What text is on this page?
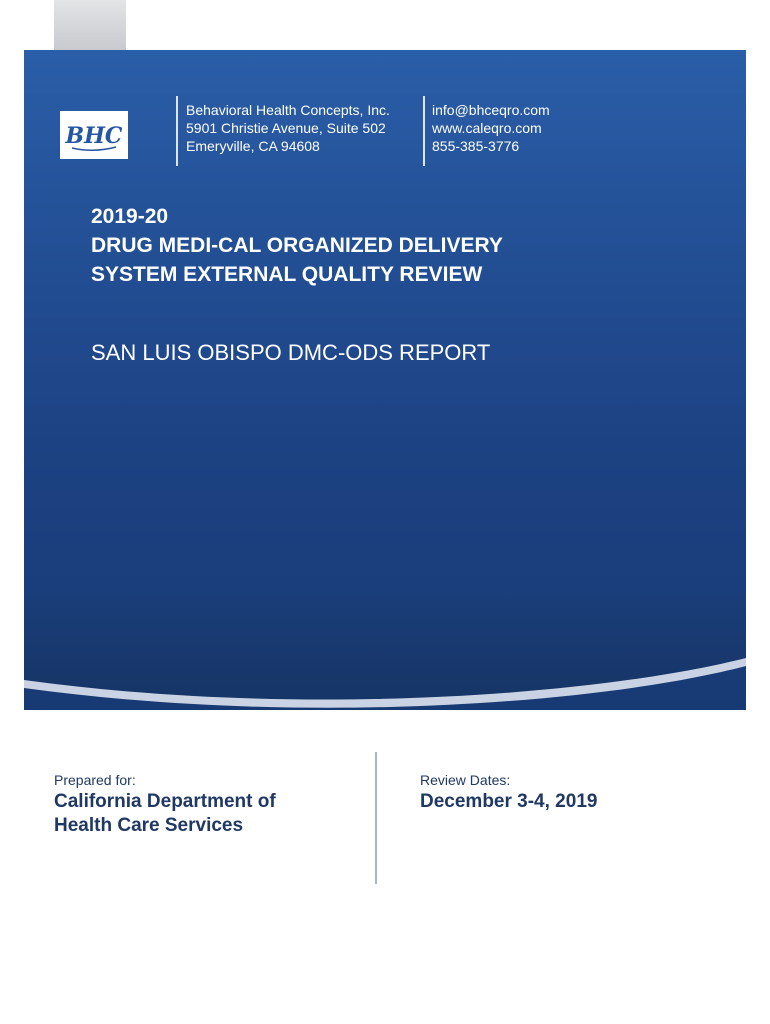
BHC
Behavioral Health Concepts, Inc.
5901 Christie Avenue, Suite 502
Emeryville, CA 94608
info@bhceqro.com
www.caleqro.com
855-385-3776
2019-20
DRUG MEDI-CAL ORGANIZED DELIVERY
SYSTEM EXTERNAL QUALITY REVIEW
SAN LUIS OBISPO DMC-ODS REPORT
Prepared for:
California Department of
Health Care Services
Review Dates:
December 3-4, 2019
